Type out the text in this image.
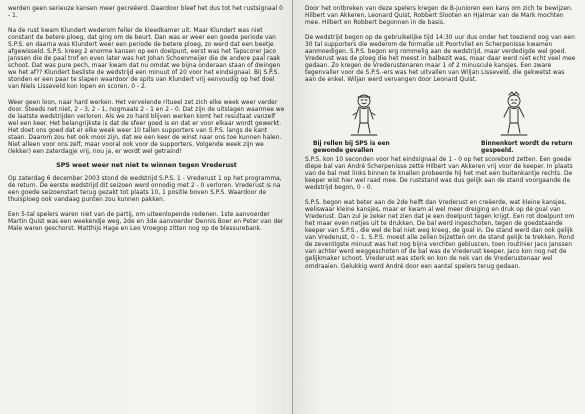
werden geen serieuze kansen meer gecreëerd. Daardoor bleef het dus tot het rustsignaal 0 - 1.

Na de rust kwam Klundert wederom feller de kleedkamer uit. Maar Klundert was niet constant de betere ploeg, dat ging om de beurt. Dan was er weer een goede periode van S.P.S. en daarna was Klundert weer een periode de betere ploeg, zo werd dat een beetje afgewisseld. S.P.S. kreeg 2 enorme kansen op een doelpunt, eerst was het Tapscorer Jaco Janssen die de paal trof en even later was het Johan Schoenmeijer die de andere paal raak schoot. Dat was pure pech, maar kwam dat nu omdat we bijna onderaan staan of dwingen we het af?? Klundert besliste de wedstrijd een minuut of 20 voor het eindsignaal. Bij S.P.S. stonden er een paar te slapen waardoor de spits van Klundert vrij eenvoudig op het doel van Niels Lisseveld kon lopen en scoren, 0 - 2.

Weer geen loon, naar hard werken. Het vervelende ritueel zet zich elke week weer verder door. Steeds net niet, 2 - 3, 2 - 1, nogmaals 2 - 1 en 2 - 0. Dat zijn de uitslagen waarmee we de laatste wedstrijden verloren. Als we zo hard blijven werken komt het resultaat vanzelf wel een keer. Het belangrijkste is dat de sfeer goed is en dat er voor elkaar wordt gewerkt. Het doet ons goed dat er elke week weer 10 tallen supporters van S.P.S. langs de kant staan. Daarom zou het ook mooi zijn, dat we een keer de winst naar ons toe kunnen halen. Niet alleen voor ons zelf, maar vooral ook voor de supporters. Volgende week zijn we (lekker) een zaterdagje vrij, nou ja, er wordt wel getraind!

SPS weet weer net niet te winnen tegen Vrederust

Op zaterdag 6 december 2003 stond de wedstrijd S.P.S. 1 - Vrederust 1 op het programma, de return. De eerste wedstrijd dit seizoen werd onnodig met 2 - 0 verloren. Vrederust is na een goede seizoenstart terug gezakt tot plaats 10, 1 positie boven S.P.S. Waardoor de thuisploeg ook vandaag punten zou kunnen pakken.

Een 5-tal spelers waren niet van de partij, om uiteenlopende redenen. 1ste aanvoerder Martin Quist was een weekendje weg, 2de en 3de aanvoerder Dennis Boer en Peter van der Male waren geschorst. Matthijs Hage en Leo Vroegop zitten nog op de blessurebank.

Door het ontbreken van deze spelers kregen de B-junioren een kans om zich te bewijzen. Hilbert van Akkeren, Leonard Quist, Robbert Slooten en Hjalmar van de Mark mochten mee. Hilbert en Robbert begonnen in de basis.

De wedstrijd begon op de gebruikelijke tijd 14:30 uur dus onder het toeziend oog van een 30 tal supporters die wederom de formatie uit Poortvliet en Scherpenisse kwamen aanmoedigen. S.P.S. begon erg rommelig aan de wedstrijd, maar verdedigde wel goed. Vrederust was de ploeg die het meest in balbezit was, maar daar werd niet echt veel mee gedaan. Zo kregen de Vrederustenaren maar 1 of 2 minuscule kansjes. Een zware tegenvaller voor de S.P.S.-ers was het uitvallen van Wiljan Lisseveld, die gekwetst was aan de enkel. Wiljan werd vervangen door Leonard Quist.

Bij rellen bij SPS is een gewonde gevallen
Binnenkort wordt de return gespeeld.

S.P.S. kon 10 seconden voor het eindsignaal de 1 - 0 op het scorebord zetten. Een goede diepe bal van André Scherpenisse zette Hilbert van Akkeren vrij voor de keeper. In plaats van de bal met links binnen te knallen probeerde hij het met een buitenkantje rechts. De keeper wist hier wel raad mee. De ruststand was dus gelijk aan de stand voorgaande de wedstrijd begon, 0 - 0.

S.P.S. begon wat beter aan de 2de helft dan Vrederust en creëerde, wat kleine kansjes, weliswaar kleine kansjes, maar er kwam al wel meer dreiging en druk op de goal van Vrederust. Dan zul je zeker net zien dat je een doelpunt tegen krijgt. Een rot doelpunt om het maar even netjes uit te drukken. De bal werd ingeschoten, tegen de goedstaande keeper van S.P.S., die wel de bal niet weg kreeg, de goal in. De stand werd dan ook gelijk van Vrederust, 0 - 1. S.P.S. moest alle zeilen bijzetten om de stand gelijk te trekken. Rond de zeventigste minuut was het nog bijna verchten gebluscen, toen routinier Jaco Janssen van achter werd weggeschoten of de bal was de Vrederust keeper. Jaco kon nog net de gelijkmaker schoot. Vrederust was sterk en kon de nek van de Vrederustenaar wel omdraaien. Gelukkig werd André door een aantal spelers terug gedaan.
